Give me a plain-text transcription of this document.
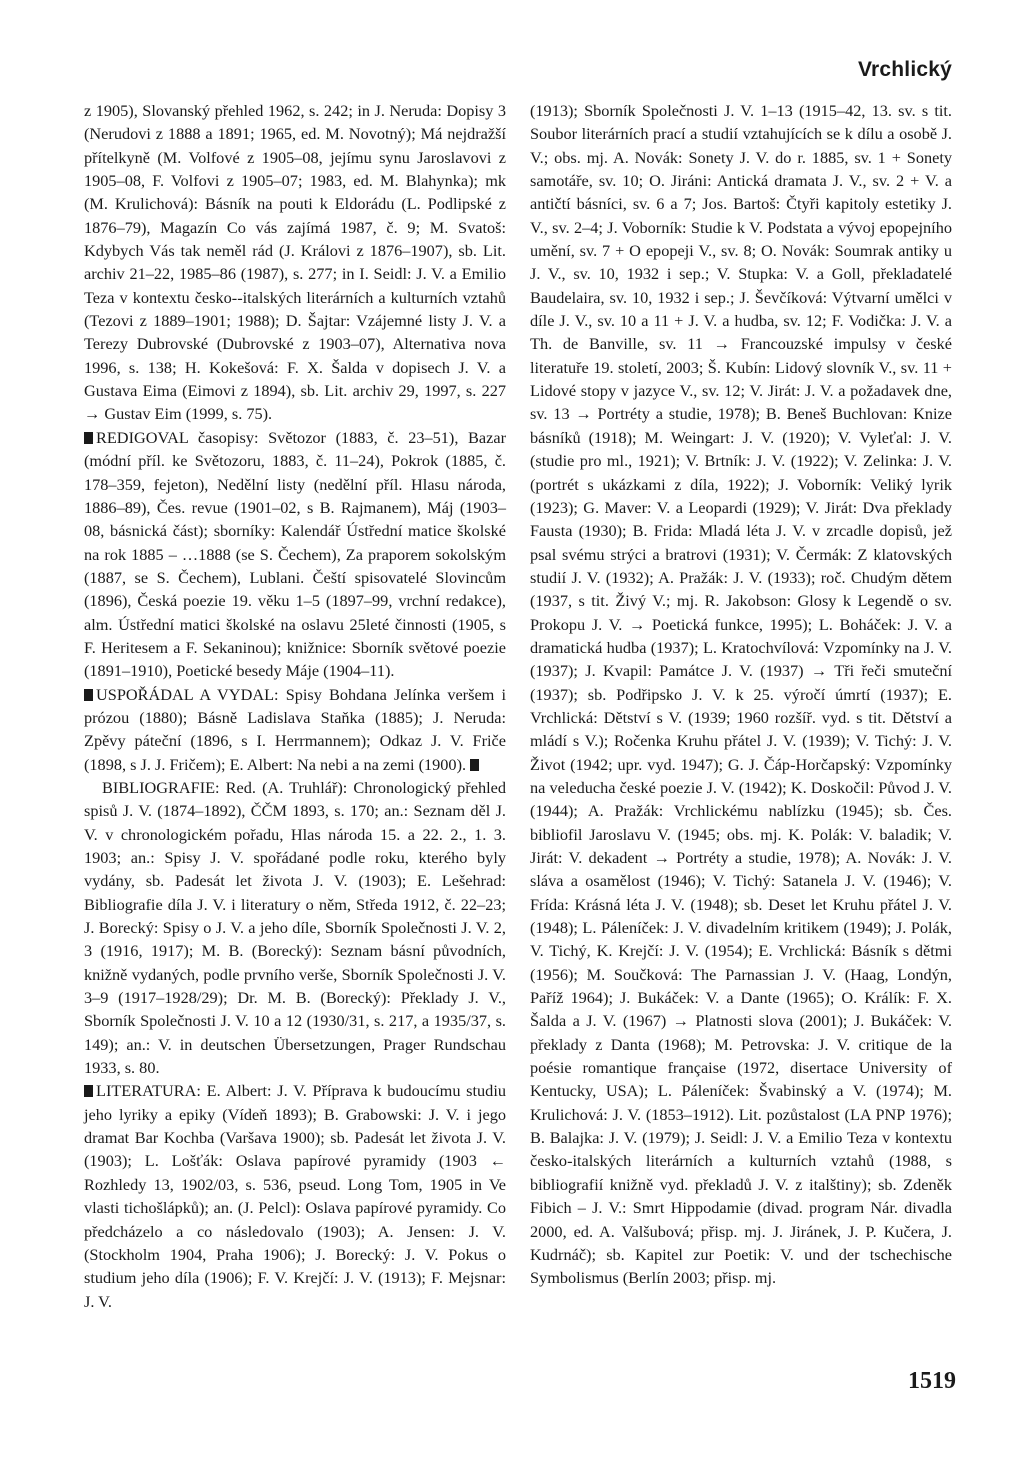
Vrchlický

z 1905), Slovanský přehled 1962, s. 242; in J. Neruda: Dopisy 3 (Nerudovi z 1888 a 1891; 1965, ed. M. Novotný); Má nejdražší přítelkyně (M. Volfové z 1905–08, jejímu synu Jaroslavovi z 1905–08, F. Volfovi z 1905–07; 1983, ed. M. Blahynka); mk (M. Krulichová): Básník na pouti k Eldorádu (L. Podlipské z 1876–79), Magazín Co vás zajímá 1987, č. 9; M. Svatoš: Kdybych Vás tak neměl rád (J. Královi z 1876–1907), sb. Lit. archiv 21–22, 1985–86 (1987), s. 277; in I. Seidl: J. V. a Emilio Teza v kontextu česko--italských literárních a kulturních vztahů (Tezovi z 1889–1901; 1988); D. Šajtar: Vzájemné listy J. V. a Terezy Dubrovské (Dubrovské z 1903–07), Alternativa nova 1996, s. 138; H. Kokešová: F. X. Šalda v dopisech J. V. a Gustava Eima (Eimovi z 1894), sb. Lit. archiv 29, 1997, s. 227 → Gustav Eim (1999, s. 75).

REDIGOVAL časopisy: Světozor (1883, č. 23–51), Bazar (módní příl. ke Světozoru, 1883, č. 11–24), Pokrok (1885, č. 178–359, fejeton), Nedělní listy (nedělní příl. Hlasu národa, 1886–89), Čes. revue (1901–02, s B. Rajmanem), Máj (1903–08, básnická část); sborníky: Kalendář Ústřední matice školské na rok 1885 – …1888 (se S. Čechem), Za praporem sokolským (1887, se S. Čechem), Lublani. Čeští spisovatelé Slovincům (1896), Česká poezie 19. věku 1–5 (1897–99, vrchní redakce), alm. Ústřední matici školské na oslavu 25leté činnosti (1905, s F. Heritesem a F. Sekaninou); knižnice: Sborník světové poezie (1891–1910), Poetické besedy Máje (1904–11).

USPOŘÁDAL A VYDAL: Spisy Bohdana Jelínka veršem i prózou (1880); Básně Ladislava Staňka (1885); J. Neruda: Zpěvy páteční (1896, s I. Herrmannem); Odkaz J. V. Friče (1898, s J. J. Fričem); E. Albert: Na nebi a na zemi (1900).

BIBLIOGRAFIE: Red. (A. Truhlář): Chronologický přehled spisů J. V. (1874–1892), ČČM 1893, s. 170; an.: Seznam děl J. V. v chronologickém pořadu, Hlas národa 15. a 22. 2., 1. 3. 1903; an.: Spisy J. V. spořádané podle roku, kterého byly vydány, sb. Padesát let života J. V. (1903); E. Lešehrad: Bibliografie díla J. V. i literatury o něm, Středa 1912, č. 22–23; J. Borecký: Spisy o J. V. a jeho díle, Sborník Společnosti J. V. 2, 3 (1916, 1917); M. B. (Borecký): Seznam básní původních, knižně vydaných, podle prvního verše, Sborník Společnosti J. V. 3–9 (1917–1928/29); Dr. M. B. (Borecký): Překlady J. V., Sborník Společnosti J. V. 10 a 12 (1930/31, s. 217, a 1935/37, s. 149); an.: V. in deutschen Übersetzungen, Prager Rundschau 1933, s. 80.

LITERATURA: E. Albert: J. V. Příprava k budoucímu studiu jeho lyriky a epiky (Vídeň 1893); B. Grabowski: J. V. i jego dramat Bar Kochba (Varšava 1900); sb. Padesát let života J. V. (1903); L. Lošťák: Oslava papírové pyramidy (1903 ← Rozhledy 13, 1902/03, s. 536, pseud. Long Tom, 1905 in Ve vlasti tichošlápků); an. (J. Pelcl): Oslava papírové pyramidy. Co předcházelo a co následovalo (1903); A. Jensen: J. V. (Stockholm 1904, Praha 1906); J. Borecký: J. V. Pokus o studium jeho díla (1906); F. V. Krejčí: J. V. (1913); F. Mejsnar: J. V.

(1913); Sborník Společnosti J. V. 1–13 (1915–42, 13. sv. s tit. Soubor literárních prací a studií vztahujících se k dílu a osobě J. V.; obs. mj. A. Novák: Sonety J. V. do r. 1885, sv. 1 + Sonety samotáře, sv. 10; O. Jiráni: Antická dramata J. V., sv. 2 + V. a antičtí básníci, sv. 6 a 7; Jos. Bartoš: Čtyři kapitoly estetiky J. V., sv. 2–4; J. Voborník: Studie k V. Podstata a vývoj epopejního umění, sv. 7 + O epopeji V., sv. 8; O. Novák: Soumrak antiky u J. V., sv. 10, 1932 i sep.; V. Stupka: V. a Goll, překladatelé Baudelaira, sv. 10, 1932 i sep.; J. Ševčíková: Výtvarní umělci v díle J. V., sv. 10 a 11 + J. V. a hudba, sv. 12; F. Vodička: J. V. a Th. de Banville, sv. 11 → Francouzské impulsy v české literatuře 19. století, 2003; Š. Kubín: Lidový slovník V., sv. 11 + Lidové stopy v jazyce V., sv. 12; V. Jirát: J. V. a požadavek dne, sv. 13 → Portréty a studie, 1978); B. Beneš Buchlovan: Knize básníků (1918); M. Weingart: J. V. (1920); V. Vyleťal: J. V. (studie pro ml., 1921); V. Brtník: J. V. (1922); V. Zelinka: J. V. (portrét s ukázkami z díla, 1922); J. Voborník: Veliký lyrik (1923); G. Maver: V. a Leopardi (1929); V. Jirát: Dva překlady Fausta (1930); B. Frida: Mladá léta J. V. v zrcadle dopisů, jež psal svému strýci a bratrovi (1931); V. Čermák: Z klatovských studií J. V. (1932); A. Pražák: J. V. (1933); roč. Chudým dětem (1937, s tit. Živý V.; mj. R. Jakobson: Glosy k Legendě o sv. Prokopu J. V. → Poetická funkce, 1995); L. Boháček: J. V. a dramatická hudba (1937); L. Kratochvílová: Vzpomínky na J. V. (1937); J. Kvapil: Památce J. V. (1937) → Tři řeči smuteční (1937); sb. Podřipsko J. V. k 25. výročí úmrtí (1937); E. Vrchlická: Dětství s V. (1939; 1960 rozšíř. vyd. s tit. Dětství a mládí s V.); Ročenka Kruhu přátel J. V. (1939); V. Tichý: J. V. Život (1942; upr. vyd. 1947); G. J. Čáp-Horčapský: Vzpomínky na veleducha české poezie J. V. (1942); K. Doskočil: Původ J. V. (1944); A. Pražák: Vrchlickému nablízku (1945); sb. Čes. bibliofil Jaroslavu V. (1945; obs. mj. K. Polák: V. baladik; V. Jirát: V. dekadent → Portréty a studie, 1978); A. Novák: J. V. sláva a osamělost (1946); V. Tichý: Satanela J. V. (1946); V. Frída: Krásná léta J. V. (1948); sb. Deset let Kruhu přátel J. V. (1948); L. Páleníček: J. V. divadelním kritikem (1949); J. Polák, V. Tichý, K. Krejčí: J. V. (1954); E. Vrchlická: Básník s dětmi (1956); M. Součková: The Parnassian J. V. (Haag, Londýn, Paříž 1964); J. Bukáček: V. a Dante (1965); O. Králík: F. X. Šalda a J. V. (1967) → Platnosti slova (2001); J. Bukáček: V. překlady z Danta (1968); M. Petrovska: J. V. critique de la poésie romantique française (1972, disertace University of Kentucky, USA); L. Páleníček: Švabinský a V. (1974); M. Krulichová: J. V. (1853–1912). Lit. pozůstalost (LA PNP 1976); B. Balajka: J. V. (1979); J. Seidl: J. V. a Emilio Teza v kontextu česko-italských literárních a kulturních vztahů (1988, s bibliografií knižně vyd. překladů J. V. z italštiny); sb. Zdeněk Fibich – J. V.: Smrt Hippodamie (divad. program Nár. divadla 2000, ed. A. Valšubová; přisp. mj. J. Jiránek, J. P. Kučera, J. Kudrnáč); sb. Kapitel zur Poetik: V. und der tschechische Symbolismus (Berlín 2003; přisp. mj.

1519
